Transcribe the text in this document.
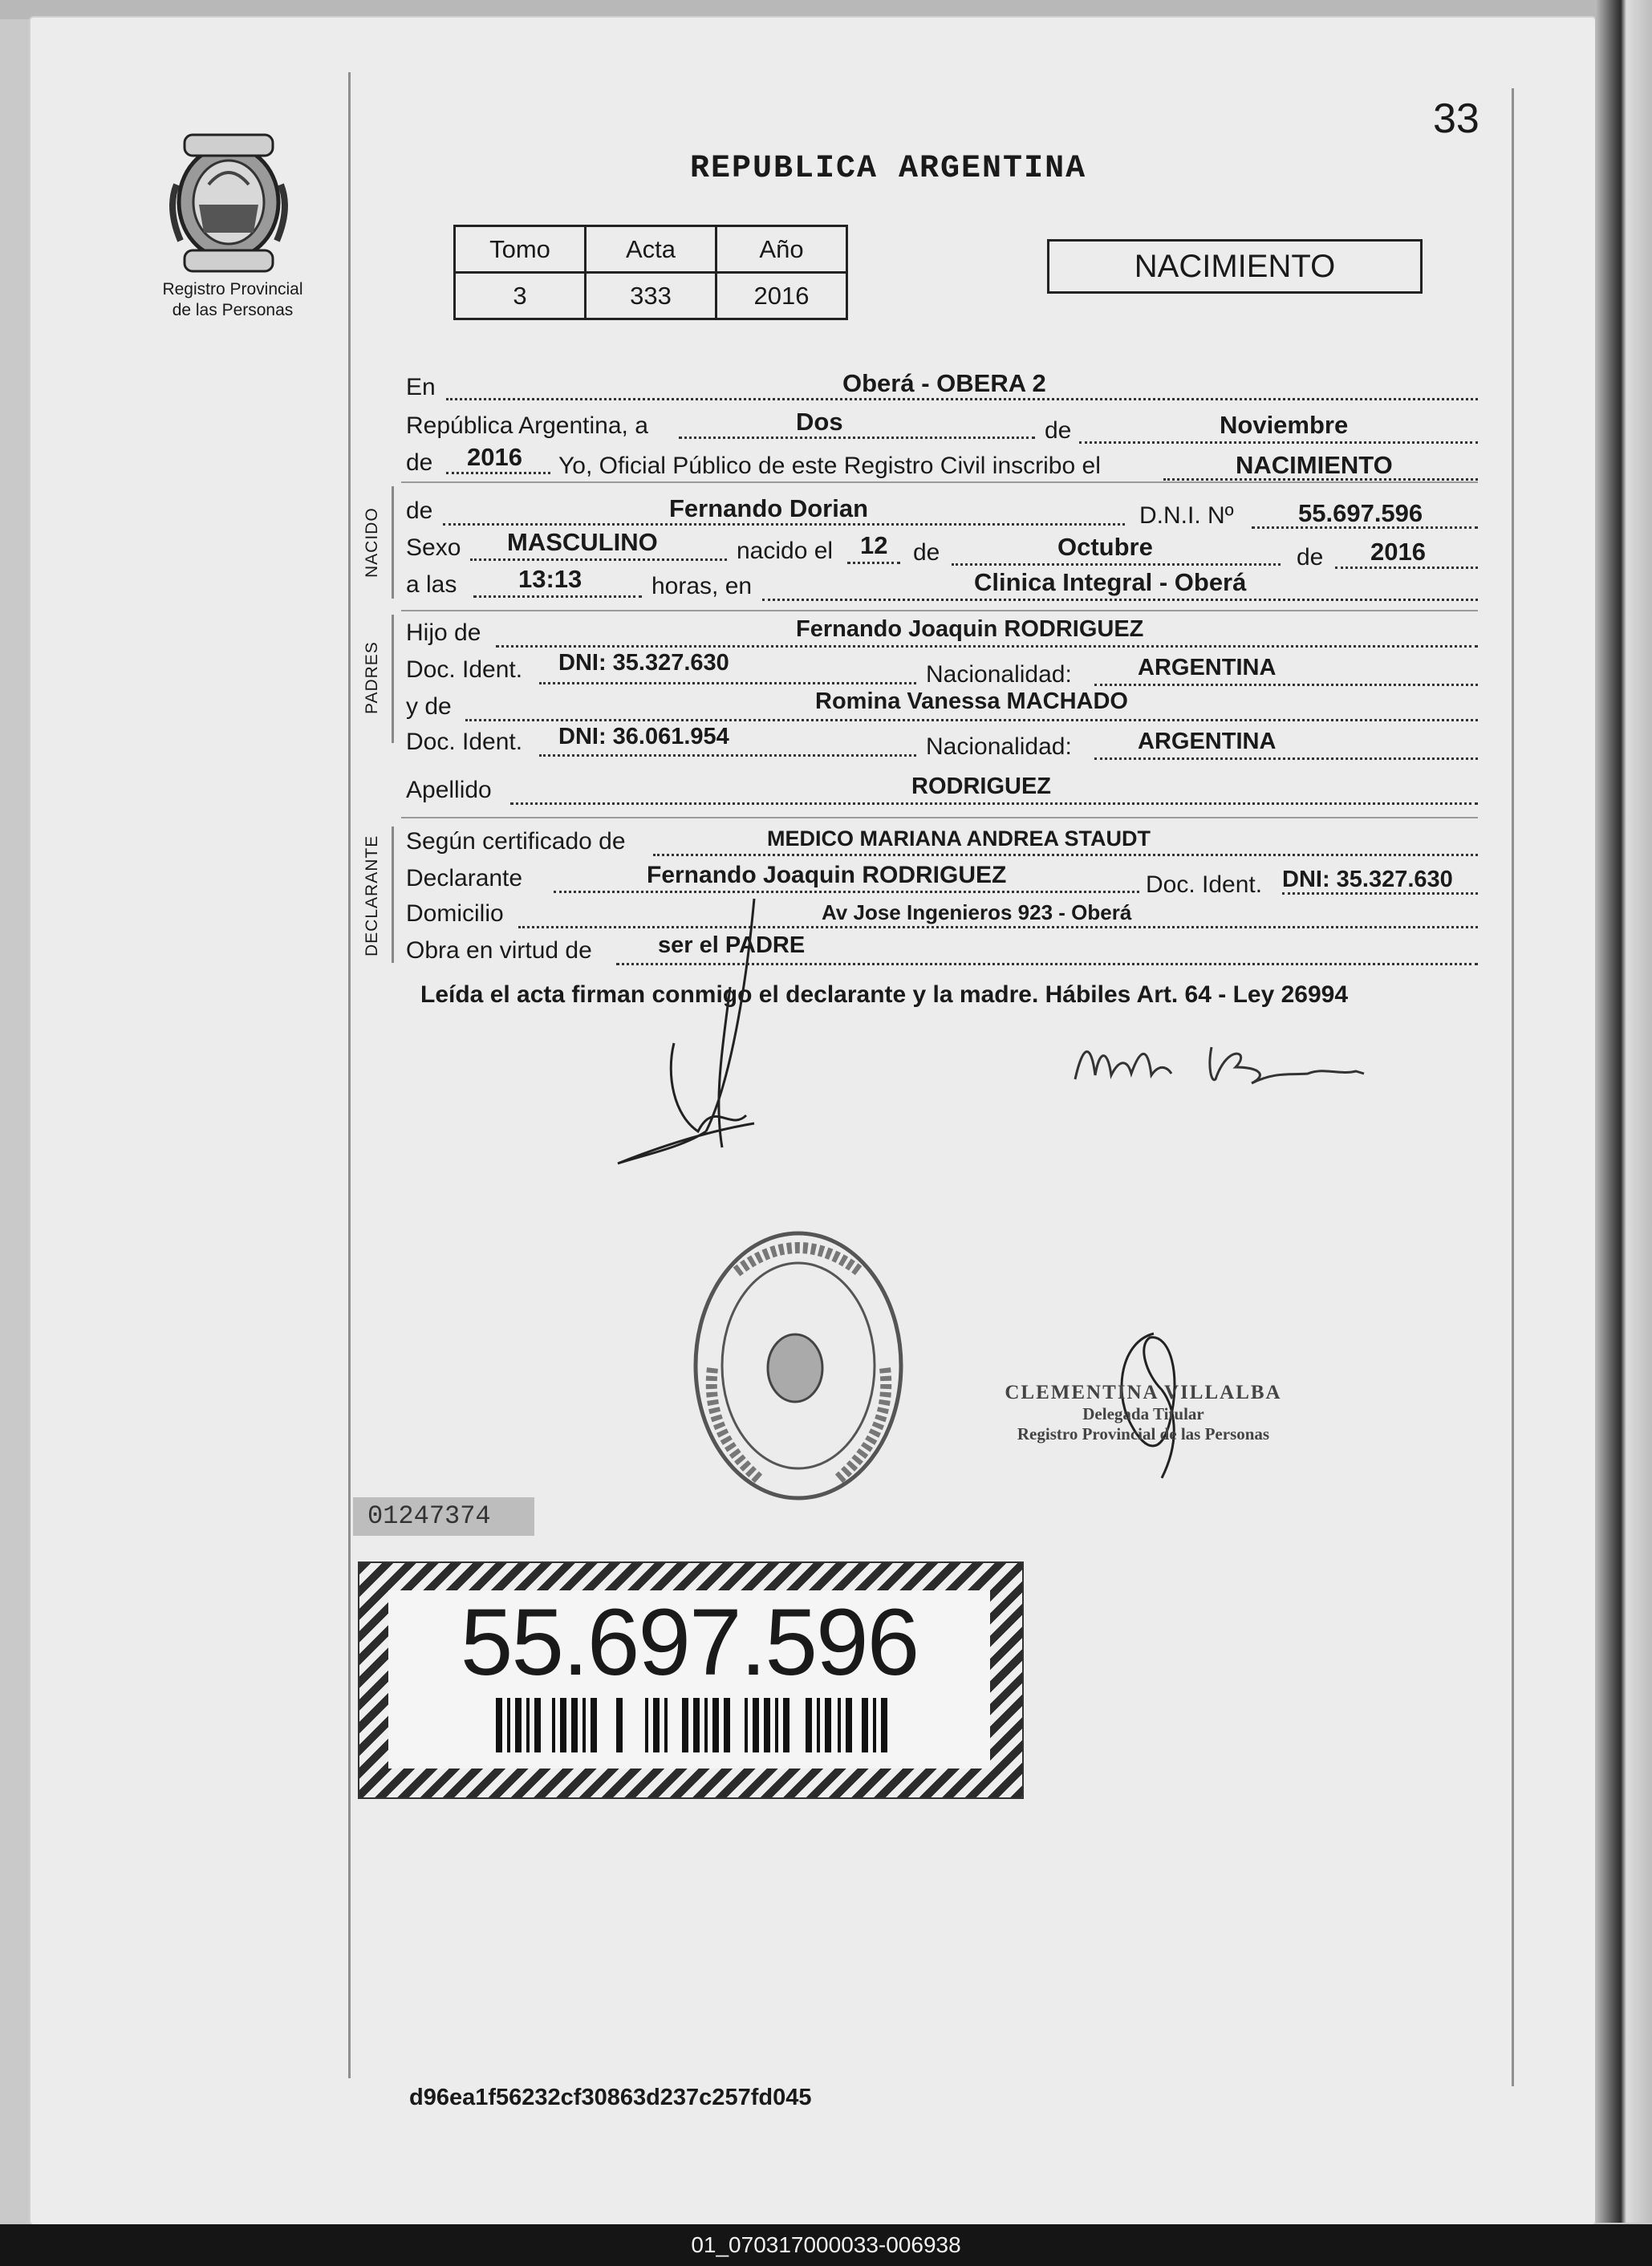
33
Registro Provincial
de las Personas
REPUBLICA ARGENTINA
Tomo	Acta	Año
3	333	2016
NACIMIENTO
En	Oberá - OBERA 2
República Argentina, a	Dos	de	Noviembre
de 2016 Yo, Oficial Público de este Registro Civil inscribo el	NACIMIENTO
NACIDO de	Fernando Dorian	D.N.I. Nº	55.697.596
Sexo MASCULINO	nacido el 12 de	Octubre	de 2016
a las 13:13	horas, en	Clinica Integral - Oberá
PADRES
Hijo de	Fernando Joaquin RODRIGUEZ
Doc. Ident. DNI: 35.327.630	Nacionalidad:	ARGENTINA
y de	Romina Vanessa MACHADO
Doc. Ident. DNI: 36.061.954	Nacionalidad:	ARGENTINA
Apellido	RODRIGUEZ
DECLARANTE Según certificado de	MEDICO MARIANA ANDREA STAUDT
Declarante	Fernando Joaquin RODRIGUEZ	Doc. Ident. DNI: 35.327.630
Domicilio	Av Jose Ingenieros 923 - Oberá
Obra en virtud de	ser el PADRE
Leída el acta firman conmigo el declarante y la madre. Hábiles Art. 64 - Ley 26994
CLEMENTINA VILLALBA
Delegada Titular
Registro Provincial de las Personas
01247374
55.697.596
d96ea1f56232cf30863d237c257fd045
01_070317000033-006938
